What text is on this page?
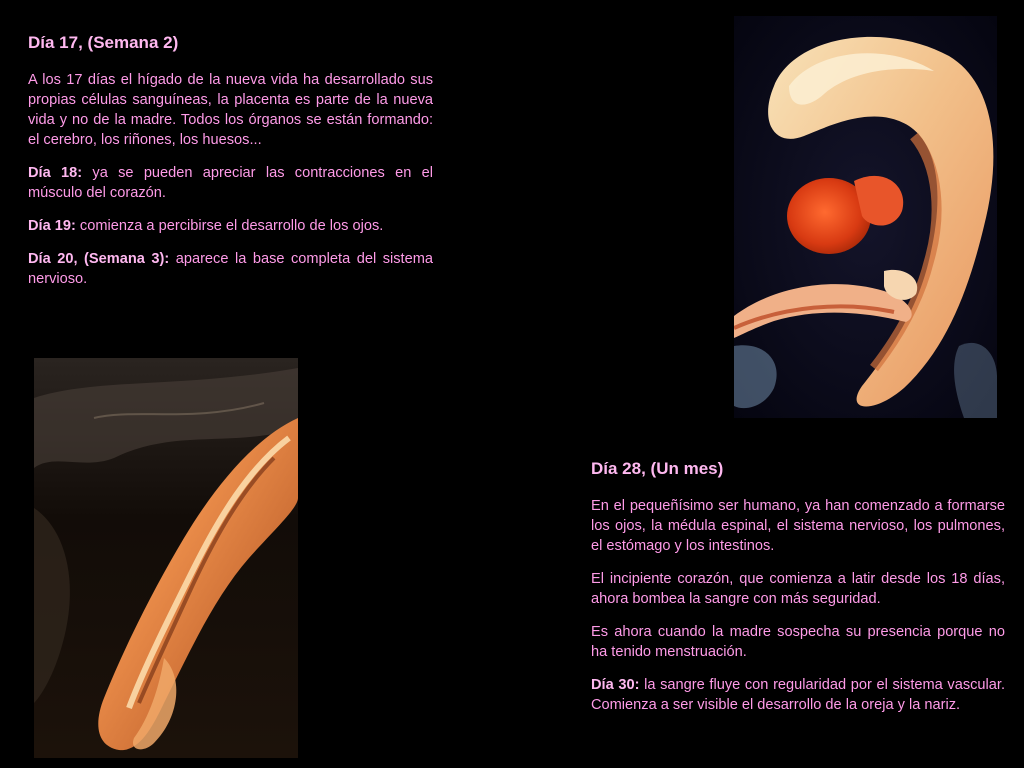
Día 17, (Semana 2)

A los 17 días el hígado de la nueva vida ha desarrollado sus propias células sanguíneas, la placenta es parte de la nueva vida y no de la madre. Todos los órganos se están formando: el cerebro, los riñones, los huesos...

Día 18: ya se pueden apreciar las contracciones en el músculo del corazón.

Día 19: comienza a percibirse el desarrollo de los ojos.

Día 20, (Semana 3): aparece la base completa del sistema nervioso.

Día 28, (Un mes)

En el pequeñísimo ser humano, ya han comenzado a formarse los ojos, la médula espinal, el sistema nervioso, los pulmones, el estómago y los intestinos.

El incipiente corazón, que comienza a latir desde los 18 días, ahora bombea la sangre con más seguridad.

Es ahora cuando la madre sospecha su presencia porque no ha tenido menstruación.

Día 30: la sangre fluye con regularidad por el sistema vascular. Comienza a ser visible el desarrollo de la oreja y la nariz.
